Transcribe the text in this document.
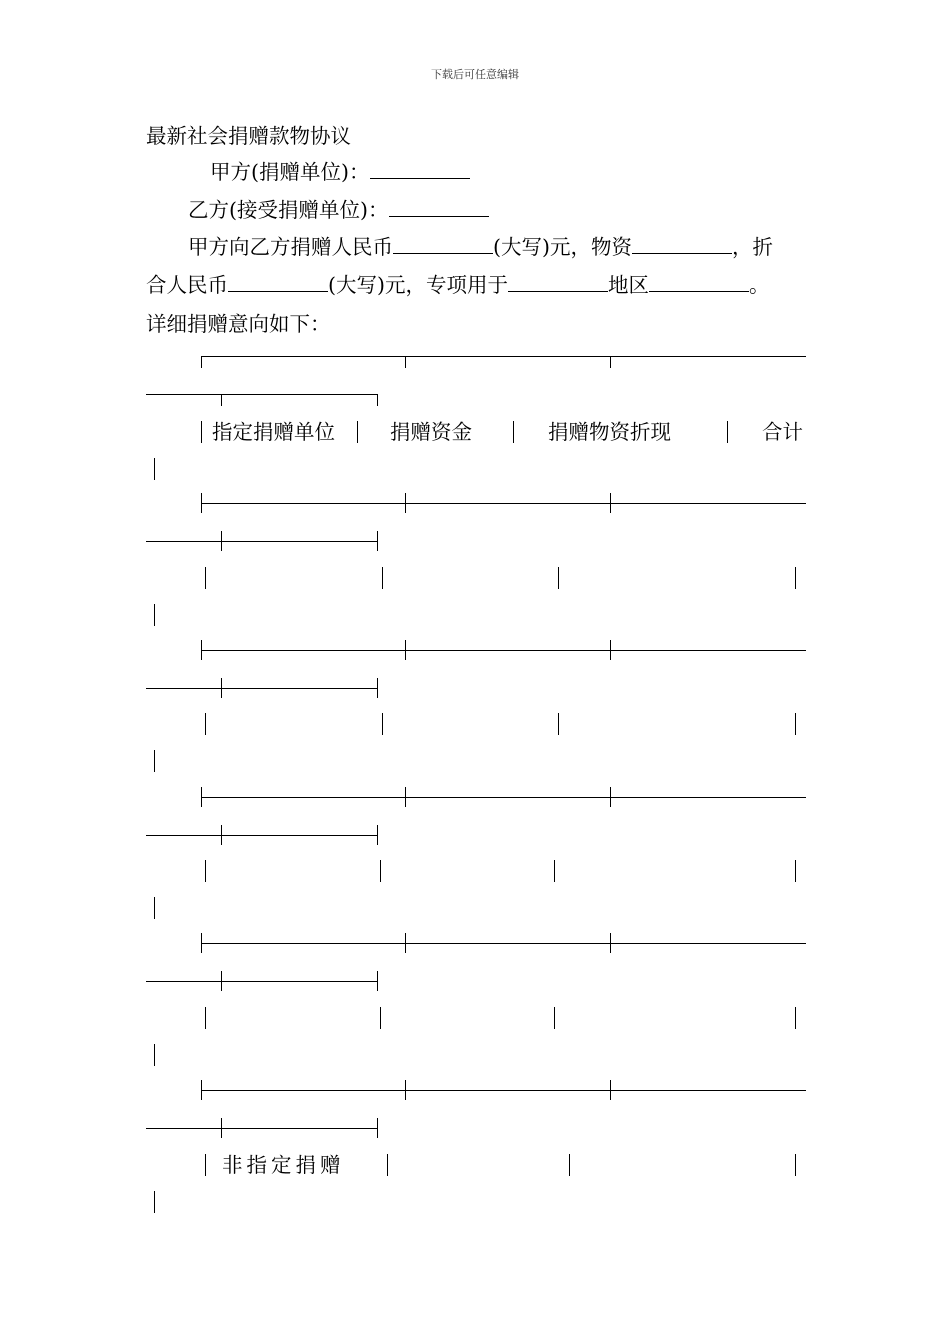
下载后可任意编辑
最新社会捐赠款物协议
甲方(捐赠单位)：
乙方(接受捐赠单位)：
甲方向乙方捐赠人民币	(大写)元，物资	，折
合人民币	(大写)元，专项用于	地区	。
详细捐赠意向如下：
指定捐赠单位	捐赠资金	捐赠物资折现	合计
非指定捐赠
